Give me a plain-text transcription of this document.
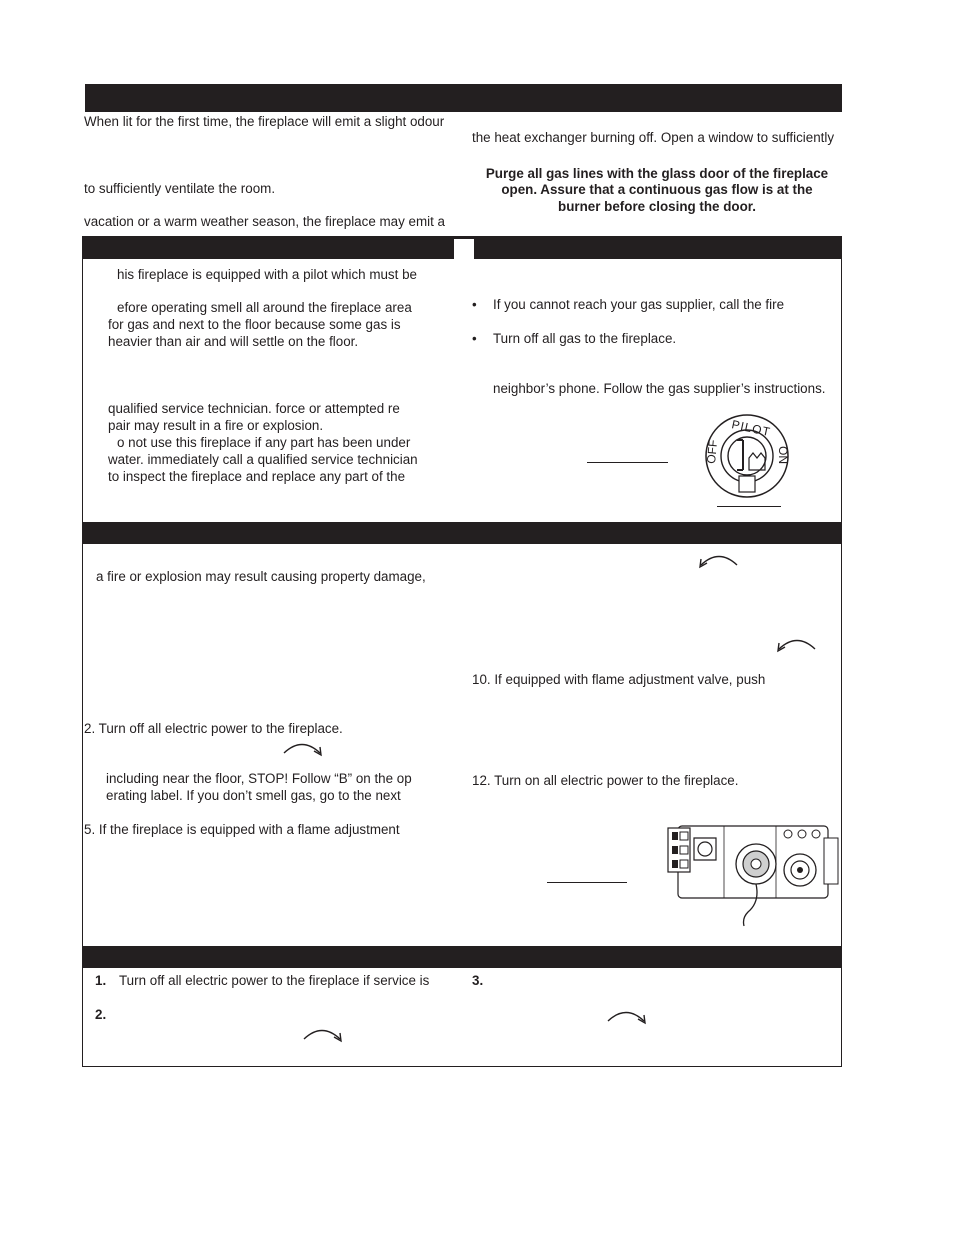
When lit for the first time, the fireplace will emit a slight odour
the heat exchanger burning off. Open a window to sufficiently
to sufficiently ventilate the room.
vacation or a warm weather season, the fireplace may emit a
Purge all gas lines with the glass door of the fireplace
open. Assure that a continuous gas flow is at the
burner before closing the door.
his fireplace is equipped with a pilot which must be
efore operating smell all around the fireplace area
for gas and next to the floor because some gas is
heavier than air and will settle on the floor.
qualified service technician. force or attempted re
pair may result in a fire or explosion.
o not use this fireplace if any part has been under
water. immediately call a qualified service technician
to inspect the fireplace and replace any part of the
• If you cannot reach your gas supplier, call the fire
• Turn off all gas to the fireplace.
neighbor’s phone. Follow the gas supplier’s instructions.
OFF
PILOT
ON
a fire or explosion may result causing property damage,
2. Turn off all electric power to the fireplace.
including near the floor, STOP! Follow “B” on the op
erating label. If you don’t smell gas, go to the next
5. If the fireplace is equipped with a flame adjustment
10. If equipped with flame adjustment valve, push
12. Turn on all electric power to the fireplace.
1. Turn off all electric power to the fireplace if service is
2.
3.
